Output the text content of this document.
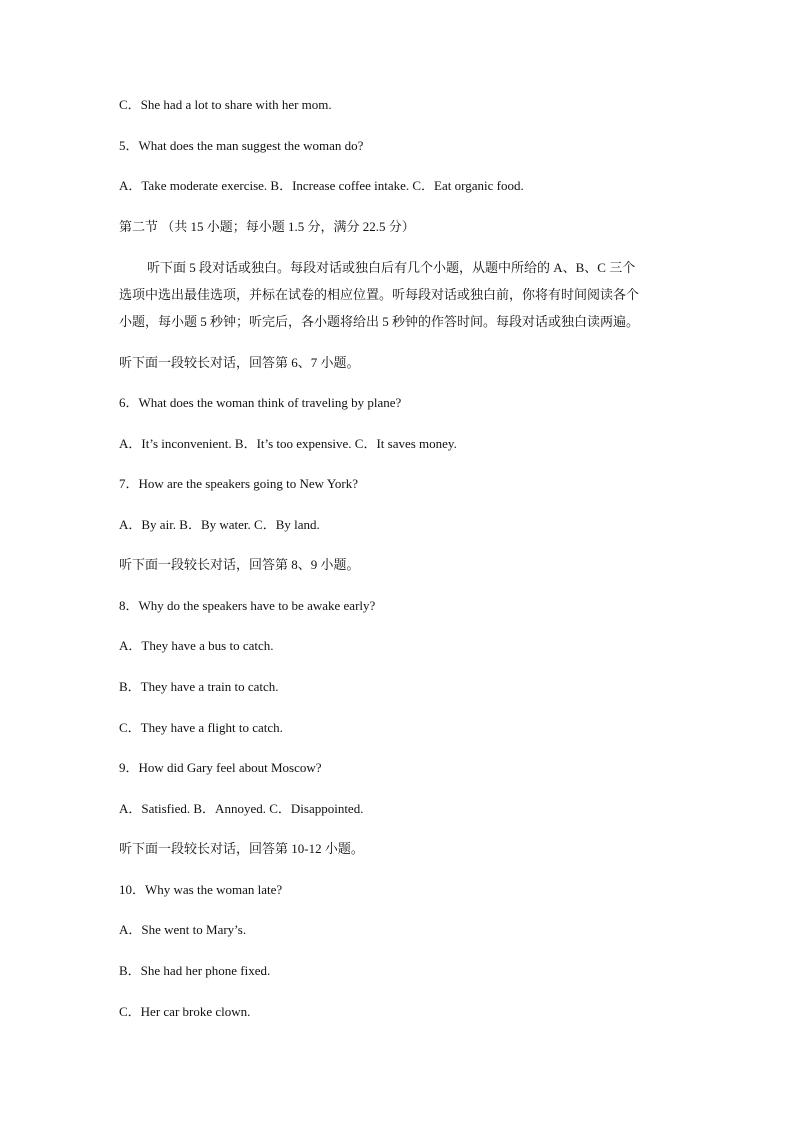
C．She had a lot to share with her mom.
5．What does the man suggest the woman do?
A．Take moderate exercise. B．Increase coffee intake. C．Eat organic food.
第二节 （共 15 小题；每小题 1.5 分，满分 22.5 分）
听下面 5 段对话或独白。每段对话或独白后有几个小题，从题中所给的 A、B、C 三个
选项中选出最佳选项，并标在试卷的相应位置。听每段对话或独白前，你将有时间阅读各个
小题，每小题 5 秒钟；听完后，各小题将给出 5 秒钟的作答时间。每段对话或独白读两遍。
听下面一段较长对话，回答第 6、7 小题。
6．What does the woman think of traveling by plane?
A．It’s inconvenient. B．It’s too expensive. C．It saves money.
7．How are the speakers going to New York?
A．By air. B．By water. C．By land.
听下面一段较长对话，回答第 8、9 小题。
8．Why do the speakers have to be awake early?
A．They have a bus to catch.
B．They have a train to catch.
C．They have a flight to catch.
9．How did Gary feel about Moscow?
A．Satisfied. B．Annoyed. C．Disappointed.
听下面一段较长对话，回答第 10-12 小题。
10．Why was the woman late?
A．She went to Mary’s.
B．She had her phone fixed.
C．Her car broke clown.
